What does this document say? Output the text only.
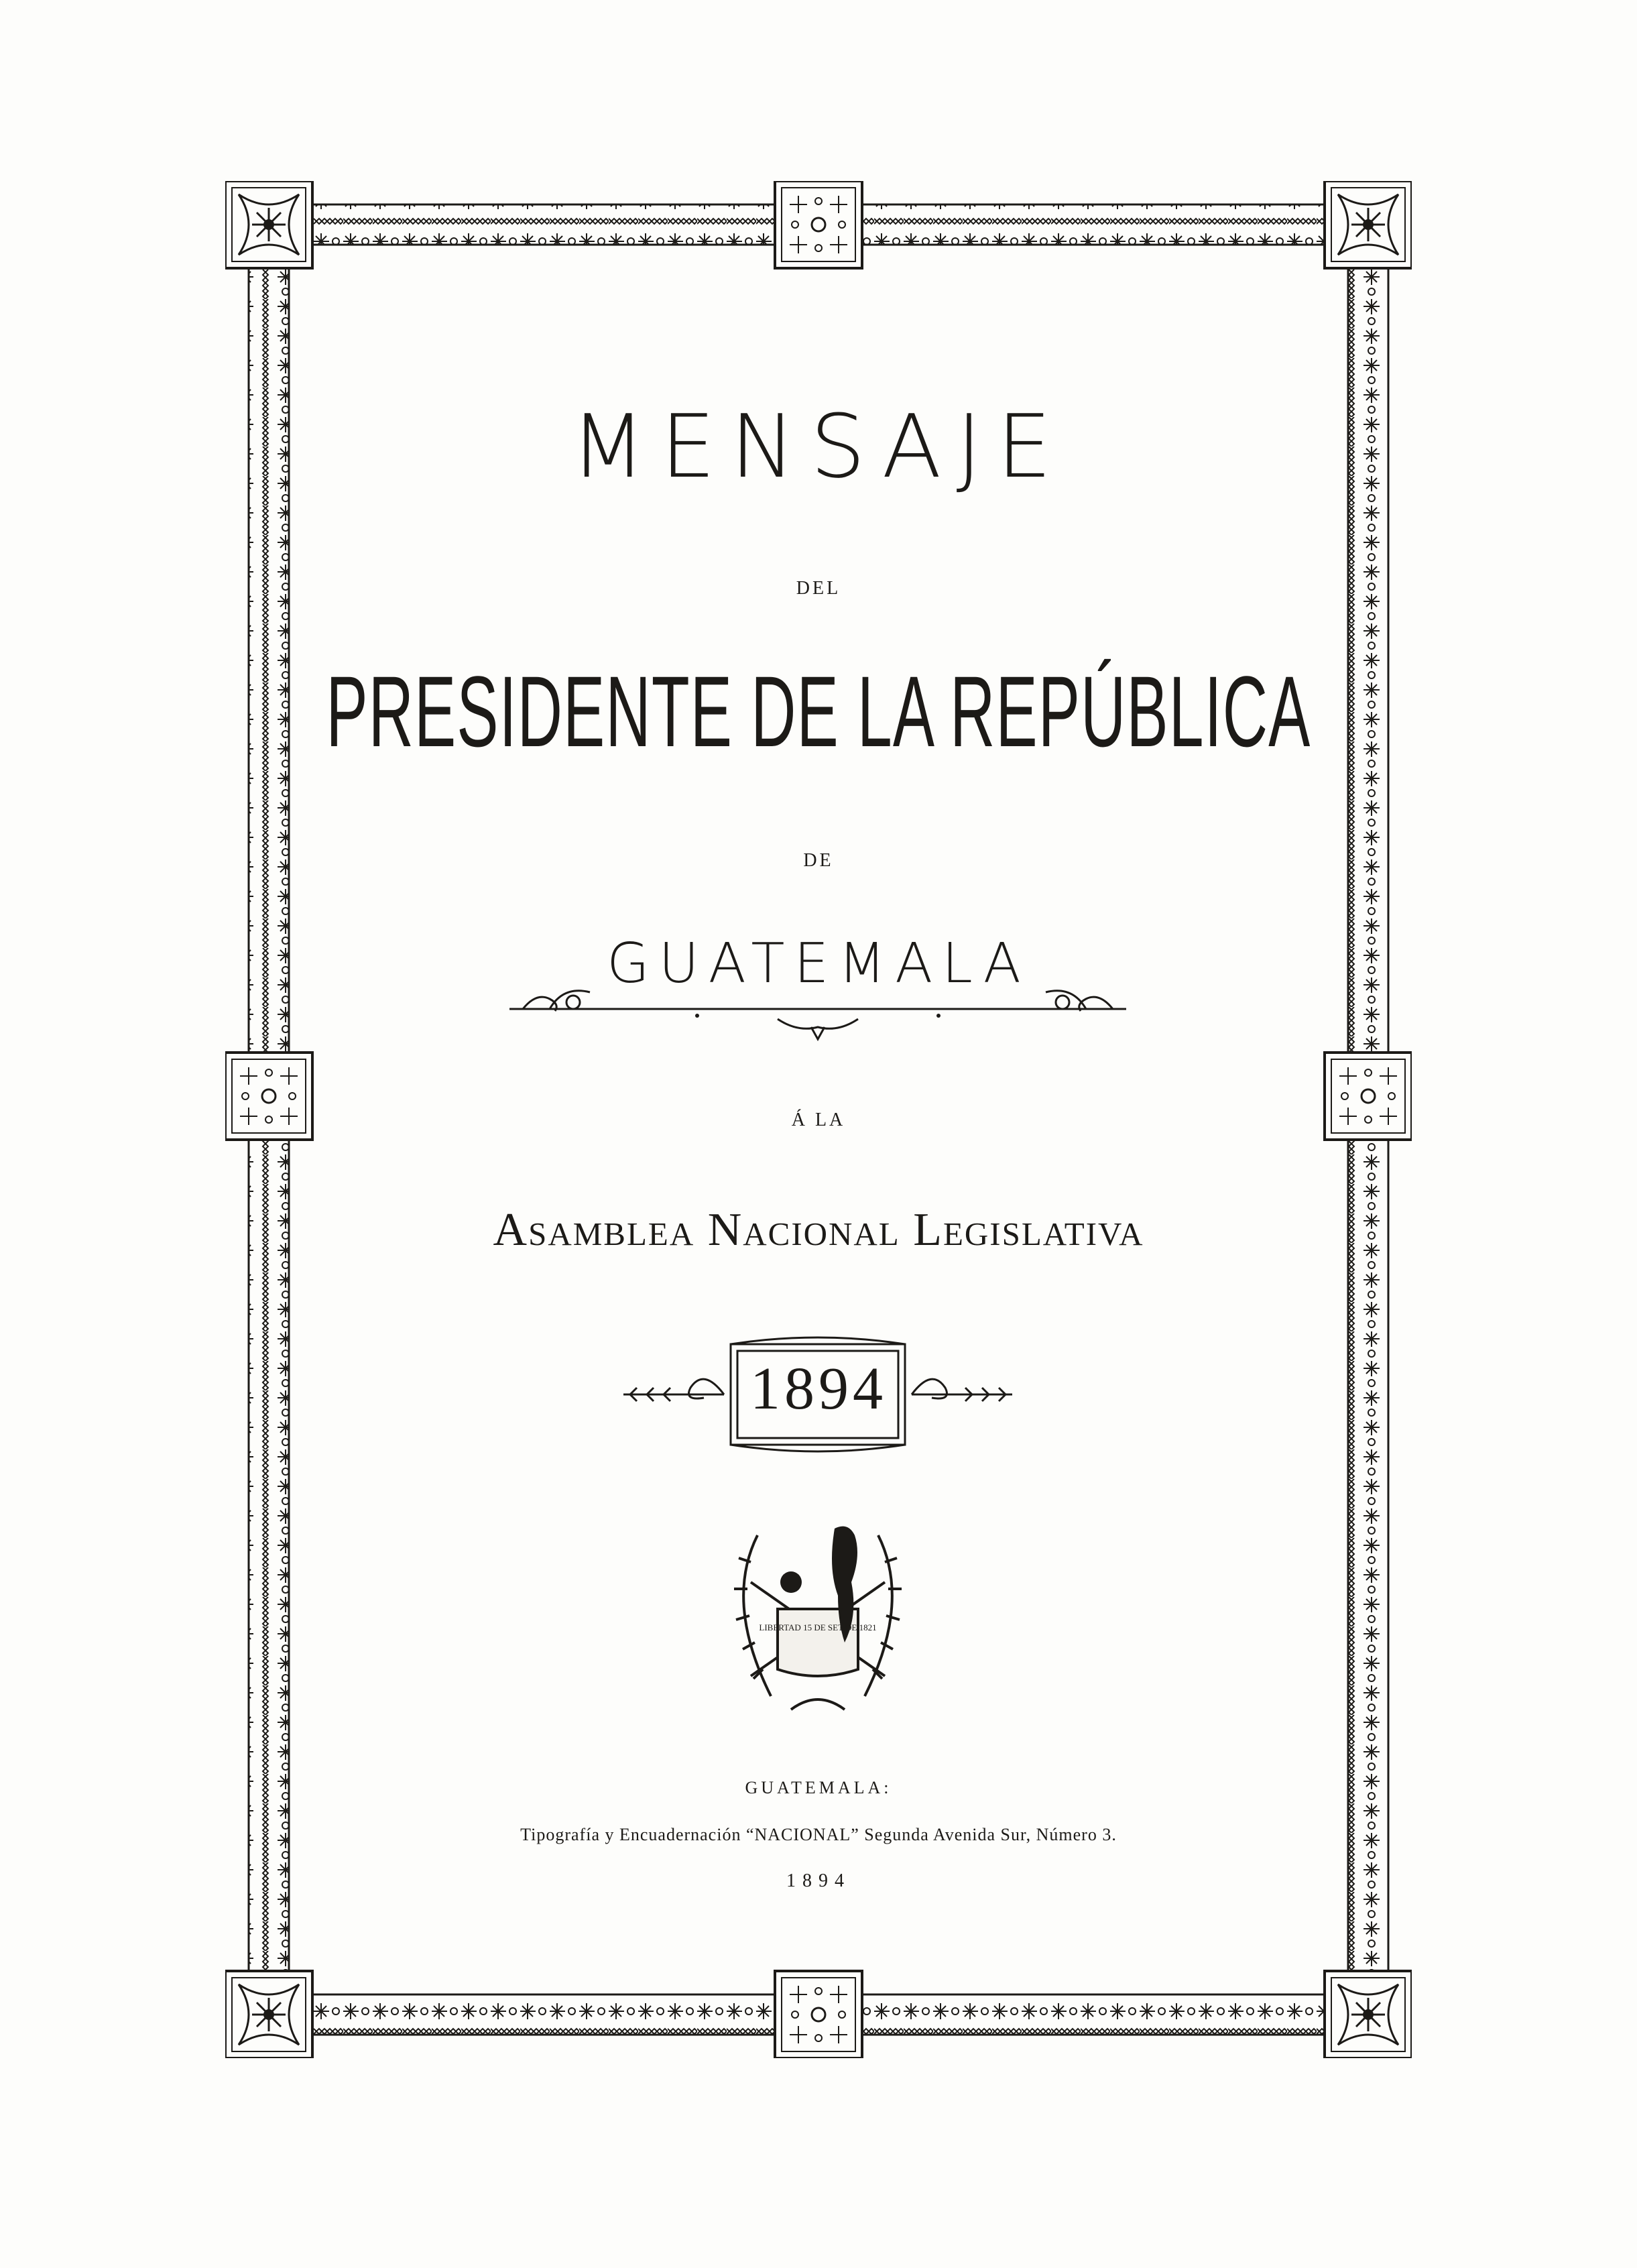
MENSAJE
DEL
PRESIDENTE DE LA REPÚBLICA
DE
GUATEMALA
Á LA
Asamblea Nacional Legislativa
1894
LIBERTAD 15 DE SET DE 1821
GUATEMALA:
Tipografía y Encuadernación “NACIONAL” Segunda Avenida Sur, Número 3.
1894
